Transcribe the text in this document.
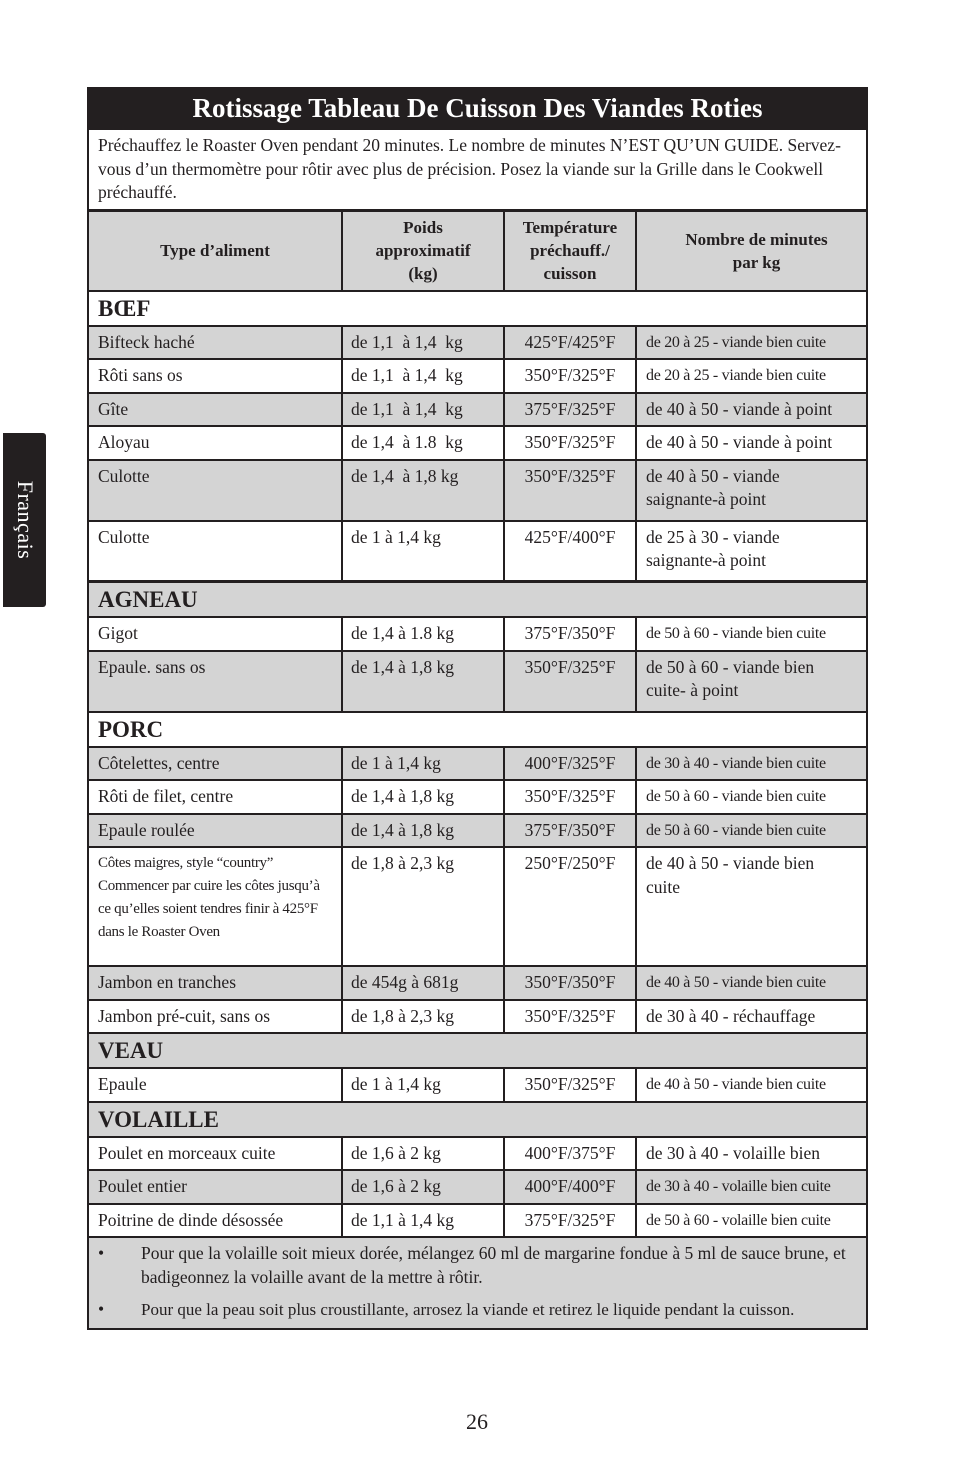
Français
Rotissage Tableau De Cuisson Des Viandes Roties
Préchauffez le Roaster Oven pendant 20 minutes. Le nombre de minutes N’EST QU’UN GUIDE. Servez-vous d’un thermomètre pour rôtir avec plus de précision. Posez la viande sur la Grille dans le Cookwell préchauffé.
Type d’aliment	Poids approximatif (kg)	Température préchauff./ cuisson	Nombre de minutes par kg
BŒF			
Bifteck haché	de 1,1  à 1,4  kg	425°F/425°F	de 20 à 25 - viande bien cuite
Rôti sans os	de 1,1  à 1,4  kg	350°F/325°F	de 20 à 25 - viande bien cuite
Gîte	de 1,1  à 1,4  kg	375°F/325°F	de 40 à 50 - viande à point
Aloyau	de 1,4  à 1.8  kg	350°F/325°F	de 40 à 50 - viande à point
Culotte	de 1,4  à 1,8 kg	350°F/325°F	de 40 à 50 - viande saignante-à point
Culotte	de 1 à 1,4 kg	425°F/400°F	de 25 à 30 - viande saignante-à point
AGNEAU			
Gigot	de 1,4 à 1.8 kg	375°F/350°F	de 50 à 60 - viande bien cuite
Epaule. sans os	de 1,4 à 1,8 kg	350°F/325°F	de 50 à 60 - viande bien cuite- à point
PORC			
Côtelettes, centre	de 1 à 1,4 kg	400°F/325°F	de 30 à 40 - viande bien cuite
Rôti de filet, centre	de 1,4 à 1,8 kg	350°F/325°F	de 50 à 60 - viande bien cuite
Epaule roulée	de 1,4 à 1,8 kg	375°F/350°F	de 50 à 60 - viande bien cuite
Côtes maigres, style “country” Commencer par cuire les côtes jusqu’à ce qu’elles soient tendres finir à 425°F dans le Roaster Oven	de 1,8 à 2,3 kg	250°F/250°F	de 40 à 50 - viande bien cuite
Jambon en tranches	de 454g à 681g	350°F/350°F	de 40 à 50 - viande bien cuite
Jambon pré-cuit, sans os	de 1,8 à 2,3 kg	350°F/325°F	de 30 à 40 - réchauffage
VEAU			
Epaule	de 1 à 1,4 kg	350°F/325°F	de 40 à 50 - viande bien cuite
VOLAILLE			
Poulet en morceaux cuite	de 1,6 à 2 kg	400°F/375°F	de 30 à 40 - volaille bien
Poulet entier	de 1,6 à 2 kg	400°F/400°F	de 30 à 40 - volaille bien cuite
Poitrine de dinde désossée	de 1,1 à 1,4 kg	375°F/325°F	de 50 à 60 - volaille bien cuite
•	Pour que la volaille soit mieux dorée, mélangez 60 ml de margarine fondue à 5 ml de sauce brune, et badigeonnez la volaille avant de la mettre à rôtir.
•	Pour que la peau soit plus croustillante, arrosez la viande et retirez le liquide pendant la cuisson.
26
